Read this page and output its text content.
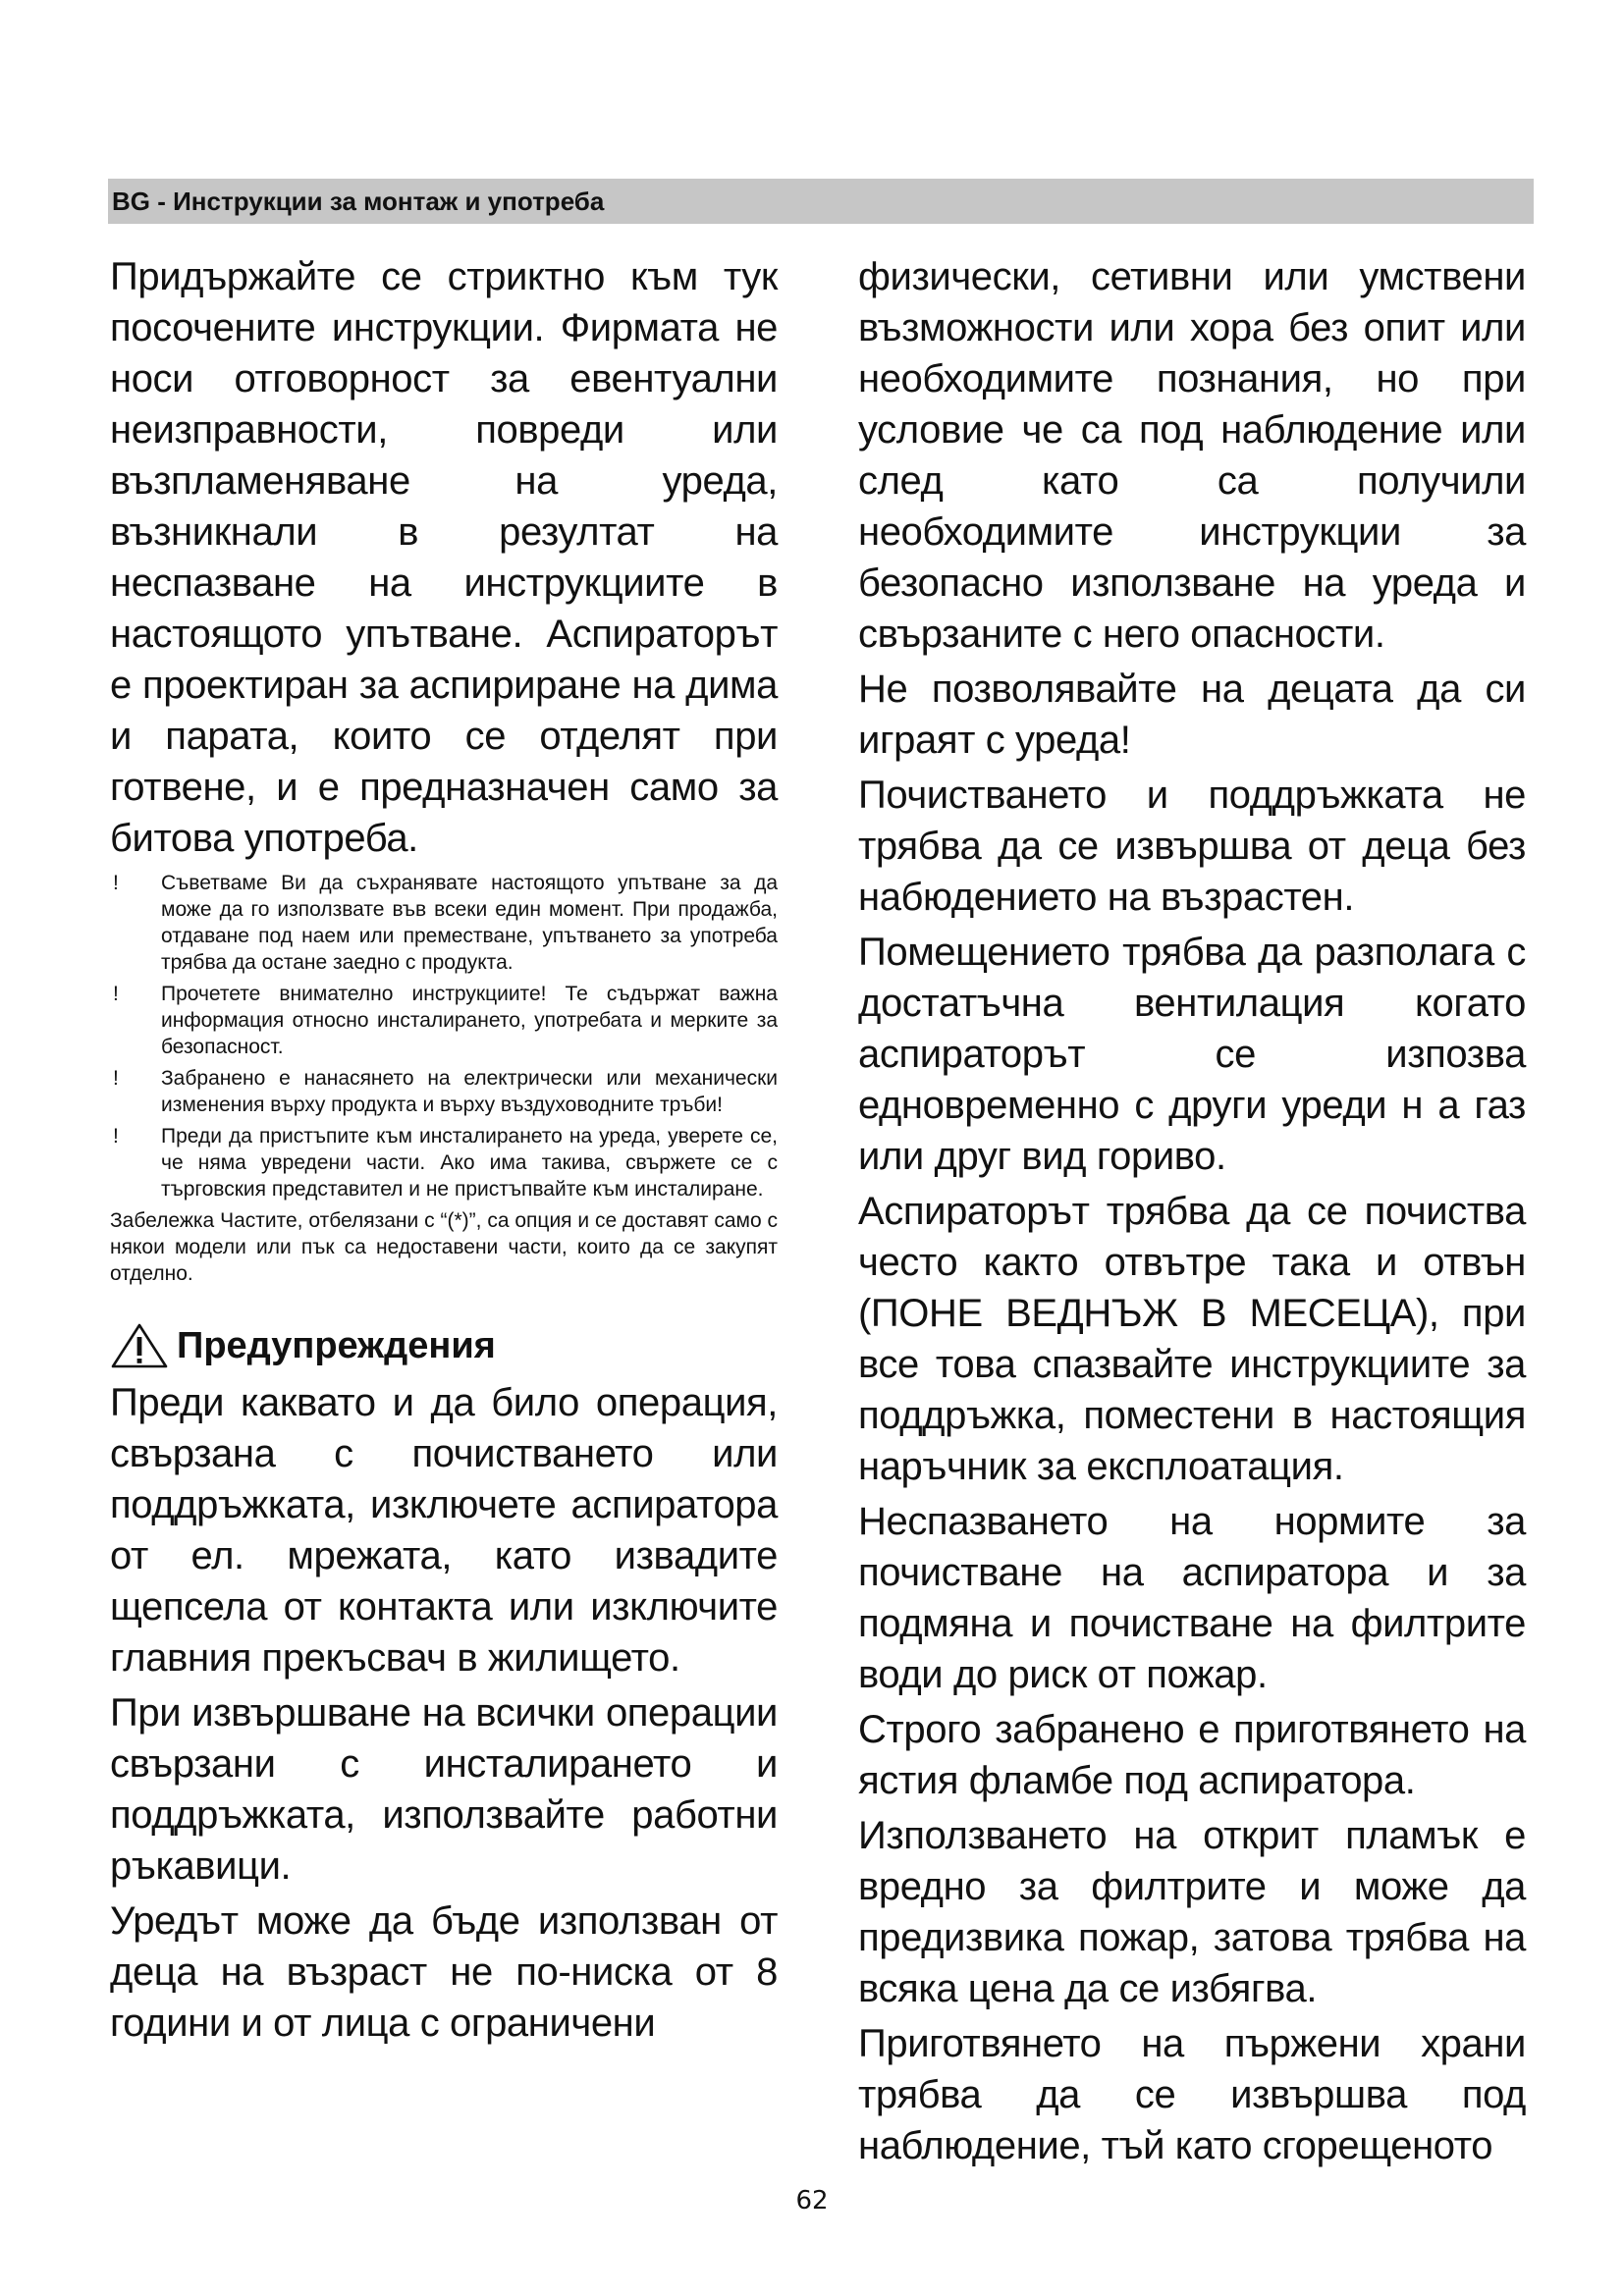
BG - Инструкции за монтаж и употреба

Придържайте се стриктно към тук посочените инструкции. Фирмата не носи отговорност за евентуални неизправности, повреди или възпламеняване на уреда, възникнали в резултат на неспазване на инструкциите в настоящото упътване. Аспираторът е проектиран за аспириране на дима и парата, които се отделят при готвене, и е предназначен само за битова употреба.

! Съветваме Ви да съхранявате настоящото упътване за да може да го използвате във всеки един момент. При продажба, отдаване под наем или преместване, упътването за употреба трябва да остане заедно с продукта.
! Прочетете внимателно инструкциите! Те съдържат важна информация относно инсталирането, употребата и мерките за безопасност.
! Забранено е нанасянето на електрически или механически изменения върху продукта и върху въздуховодните тръби!
! Преди да пристъпите към инсталирането на уреда, уверете се, че няма увредени части. Ако има такива, свържете се с търговския представител и не пристъпвайте към инсталиране.

Забележка Частите, отбелязани с “(*)”, са опция и се доставят само с някои модели или пък са недоставени части, които да се закупят отделно.

Предупреждения

Преди каквато и да било операция, свързана с почистването или поддръжката, изключете аспиратора от ел. мрежата, като извадите щепсела от контакта или изключите главния прекъсвач в жилището.

При извършване на всички операции свързани с инсталирането и поддръжката, използвайте работни ръкавици.

Уредът може да бъде използван от деца на възраст не по-ниска от 8 години и от лица с ограничени

физически, сетивни или умствени възможности или хора без опит или необходимите познания, но при условие че са под наблюдение или след като са получили необходимите инструкции за безопасно използване на уреда и свързаните с него опасности.

Не позволявайте на децата да си играят с уреда!

Почистването и поддръжката не трябва да се извършва от деца без набюдението на възрастен.

Помещението трябва да разполага с достатъчна вентилация когато аспираторът се изпозва едновременно с други уреди н а газ или друг вид гориво.

Аспираторът трябва да се почиства често както отвътре така и отвън (ПОНЕ ВЕДНЪЖ В МЕСЕЦА), при все това спазвайте инструкциите за поддръжка, поместени в настоящия наръчник за експлоатация.

Неспазването на нормите за почистване на аспиратора и за подмяна и почистване на филтрите води до риск от пожар.

Строго забранено е приготвянето на ястия фламбе под аспиратора.

Използването на открит пламък е вредно за филтрите и може да предизвика пожар, затова трябва на всяка цена да се избягва.

Приготвянето на пържени храни трябва да се извършва под наблюдение, тъй като сгорещеното

62
